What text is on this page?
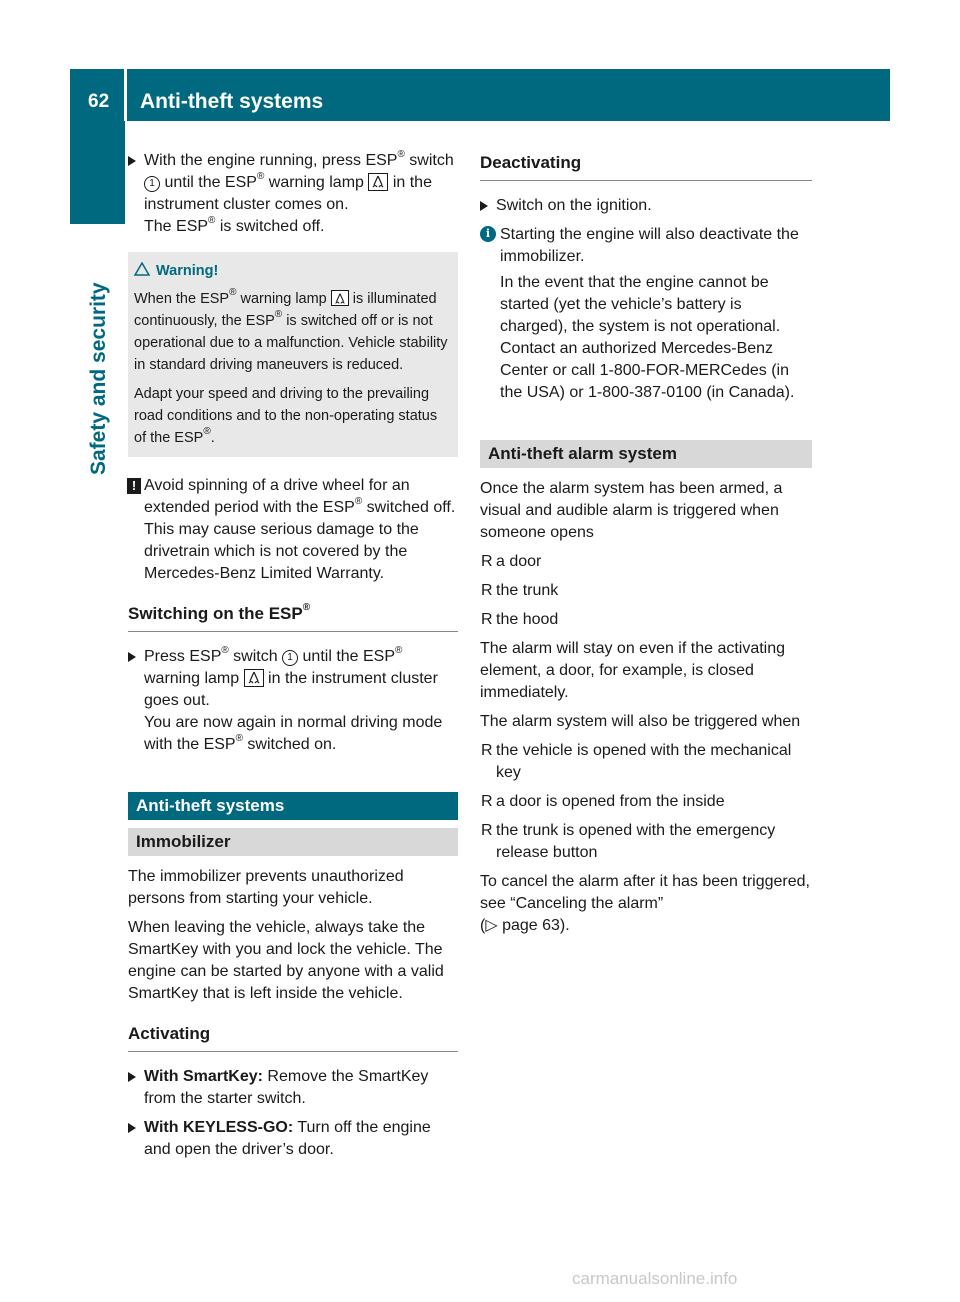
62 Anti-theft systems
Safety and security
With the engine running, press ESP® switch 1 until the ESP® warning lamp  in the instrument cluster comes on.
The ESP® is switched off.
Warning!

When the ESP® warning lamp  is illuminated continuously, the ESP® is switched off or is not operational due to a malfunction. Vehicle stability in standard driving maneuvers is reduced.

Adapt your speed and driving to the prevailing road conditions and to the non-operating status of the ESP®.

! Avoid spinning of a drive wheel for an extended period with the ESP® switched off. This may cause serious damage to the drivetrain which is not covered by the Mercedes-Benz Limited Warranty.
Switching on the ESP®
Press ESP® switch 1 until the ESP®
warning lamp  in the instrument cluster goes out.
You are now again in normal driving mode with the ESP® switched on.
Anti-theft systems
Immobilizer

The immobilizer prevents unauthorized persons from starting your vehicle.

When leaving the vehicle, always take the SmartKey with you and lock the vehicle. The engine can be started by anyone with a valid SmartKey that is left inside the vehicle.

Activating
With SmartKey: Remove the SmartKey from the starter switch.
With KEYLESS-GO: Turn off the engine and open the driver’s door.
Deactivating
Switch on the ignition.
i Starting the engine will also deactivate the immobilizer.

In the event that the engine cannot be started (yet the vehicle’s battery is charged), the system is not operational. Contact an authorized Mercedes-Benz Center or call 1-800-FOR-MERCedes (in the USA) or 1-800-387-0100 (in Canada).

Anti-theft alarm system

Once the alarm system has been armed, a visual and audible alarm is triggered when someone opens

R a door
R the trunk
R the hood

The alarm will stay on even if the activating element, a door, for example, is closed immediately.

The alarm system will also be triggered when

R the vehicle is opened with the mechanical key
R a door is opened from the inside
R the trunk is opened with the emergency release button

To cancel the alarm after it has been triggered, see “Canceling the alarm”
(▷ page 63).

carmanualsonline.info
